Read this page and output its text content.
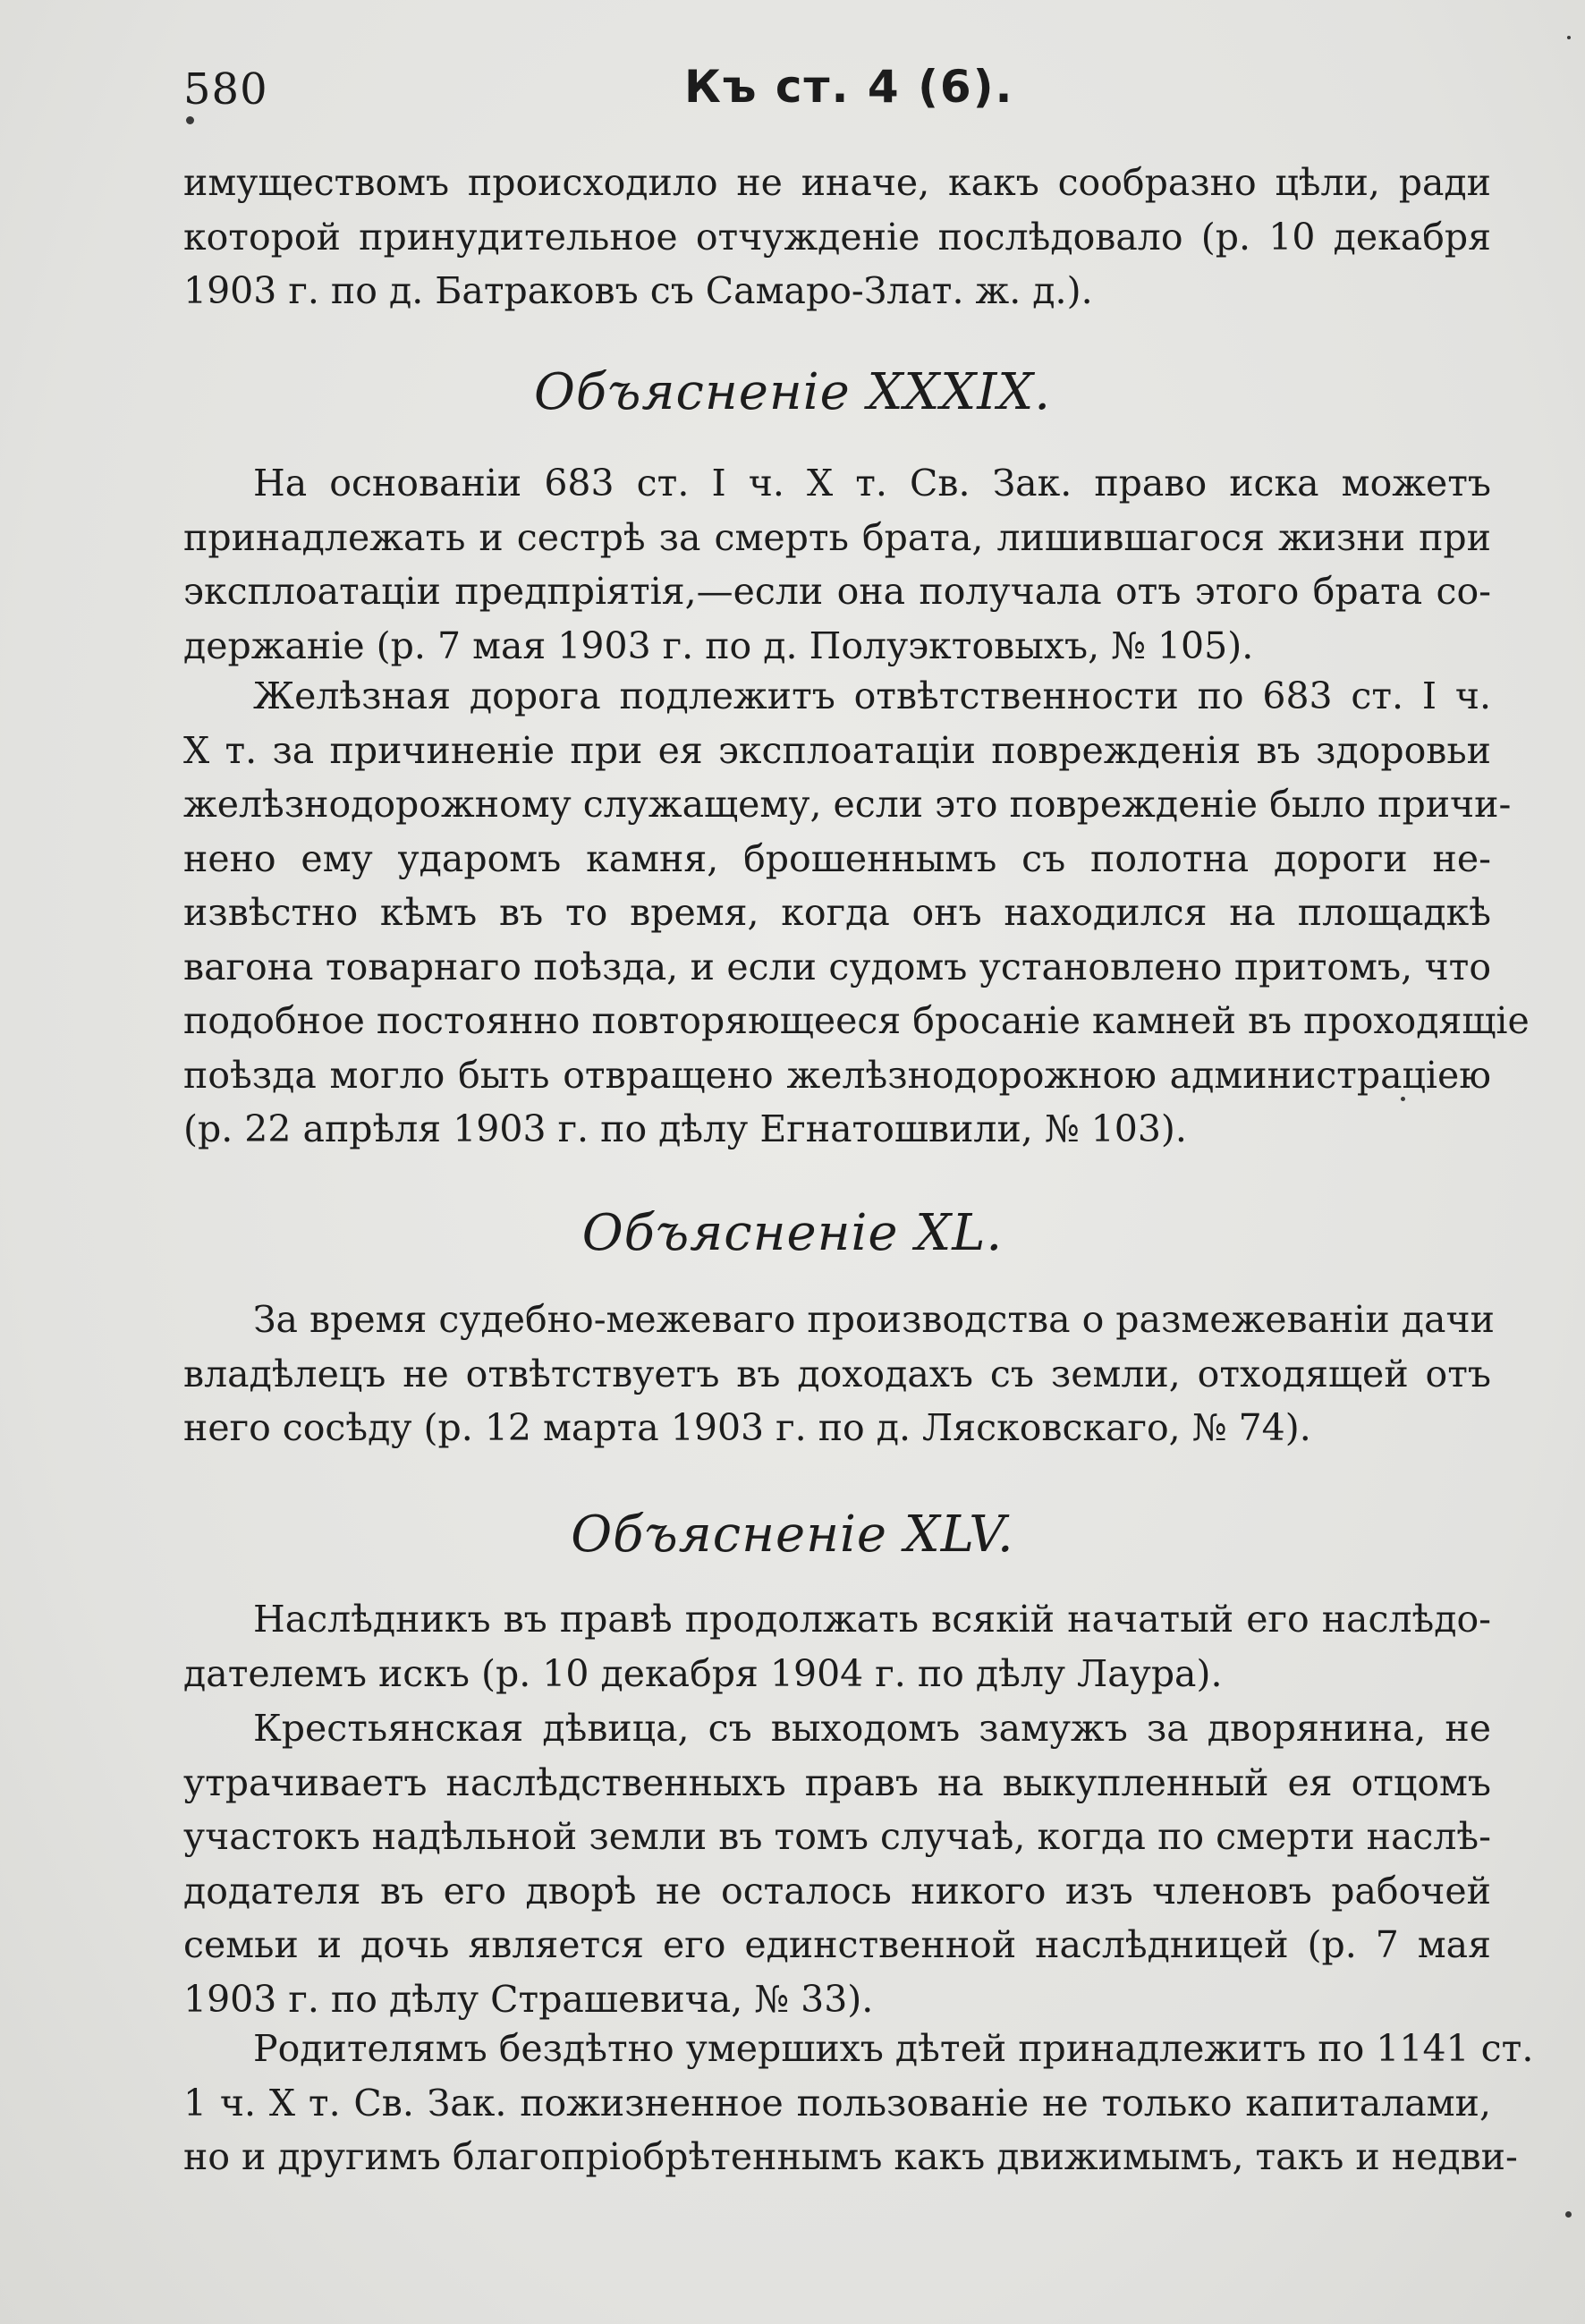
580	Къ ст. 4 (6).
имуществомъ происходило не иначе, какъ сообразно цѣли, ради
которой принудительное отчужденіе послѣдовало (р. 10 декабря
1903 г. по д. Батраковъ съ Самаро-Злат. ж. д.).
Объясненіе XXXIX.
На основаніи 683 ст. I ч. X т. Св. Зак. право иска можетъ
принадлежать и сестрѣ за смерть брата, лишившагося жизни при
эксплоатаціи предпріятія,—если она получала отъ этого брата со-
держаніе (р. 7 мая 1903 г. по д. Полуэктовыхъ, № 105).
Желѣзная дорога подлежитъ отвѣтственности по 683 ст. I ч.
X т. за причиненіе при ея эксплоатаціи поврежденія въ здоровьи
желѣзнодорожному служащему, если это поврежденіе было причи-
нено ему ударомъ камня, брошеннымъ съ полотна дороги не-
извѣстно кѣмъ въ то время, когда онъ находился на площадкѣ
вагона товарнаго поѣзда, и если судомъ установлено притомъ, что
подобное постоянно повторяющееся бросаніе камней въ проходящіе
поѣзда могло быть отвращено желѣзнодорожною администраціею
(р. 22 апрѣля 1903 г. по дѣлу Егнатошвили, № 103).
Объясненіе XL.
За время судебно-межеваго производства о размежеваніи дачи
владѣлецъ не отвѣтствуетъ въ доходахъ съ земли, отходящей отъ
него сосѣду (р. 12 марта 1903 г. по д. Лясковскаго, № 74).
Объясненіе XLV.
Наслѣдникъ въ правѣ продолжать всякій начатый его наслѣдо-
дателемъ искъ (р. 10 декабря 1904 г. по дѣлу Лаура).
Крестьянская дѣвица, съ выходомъ замужъ за дворянина, не
утрачиваетъ наслѣдственныхъ правъ на выкупленный ея отцомъ
участокъ надѣльной земли въ томъ случаѣ, когда по смерти наслѣ-
додателя въ его дворѣ не осталось никого изъ членовъ рабочей
семьи и дочь является его единственной наслѣдницей (р. 7 мая
1903 г. по дѣлу Страшевича, № 33).
Родителямъ бездѣтно умершихъ дѣтей принадлежитъ по 1141 ст.
1 ч. X т. Св. Зак. пожизненное пользованіе не только капиталами,
но и другимъ благопріобрѣтеннымъ какъ движимымъ, такъ и недви-
